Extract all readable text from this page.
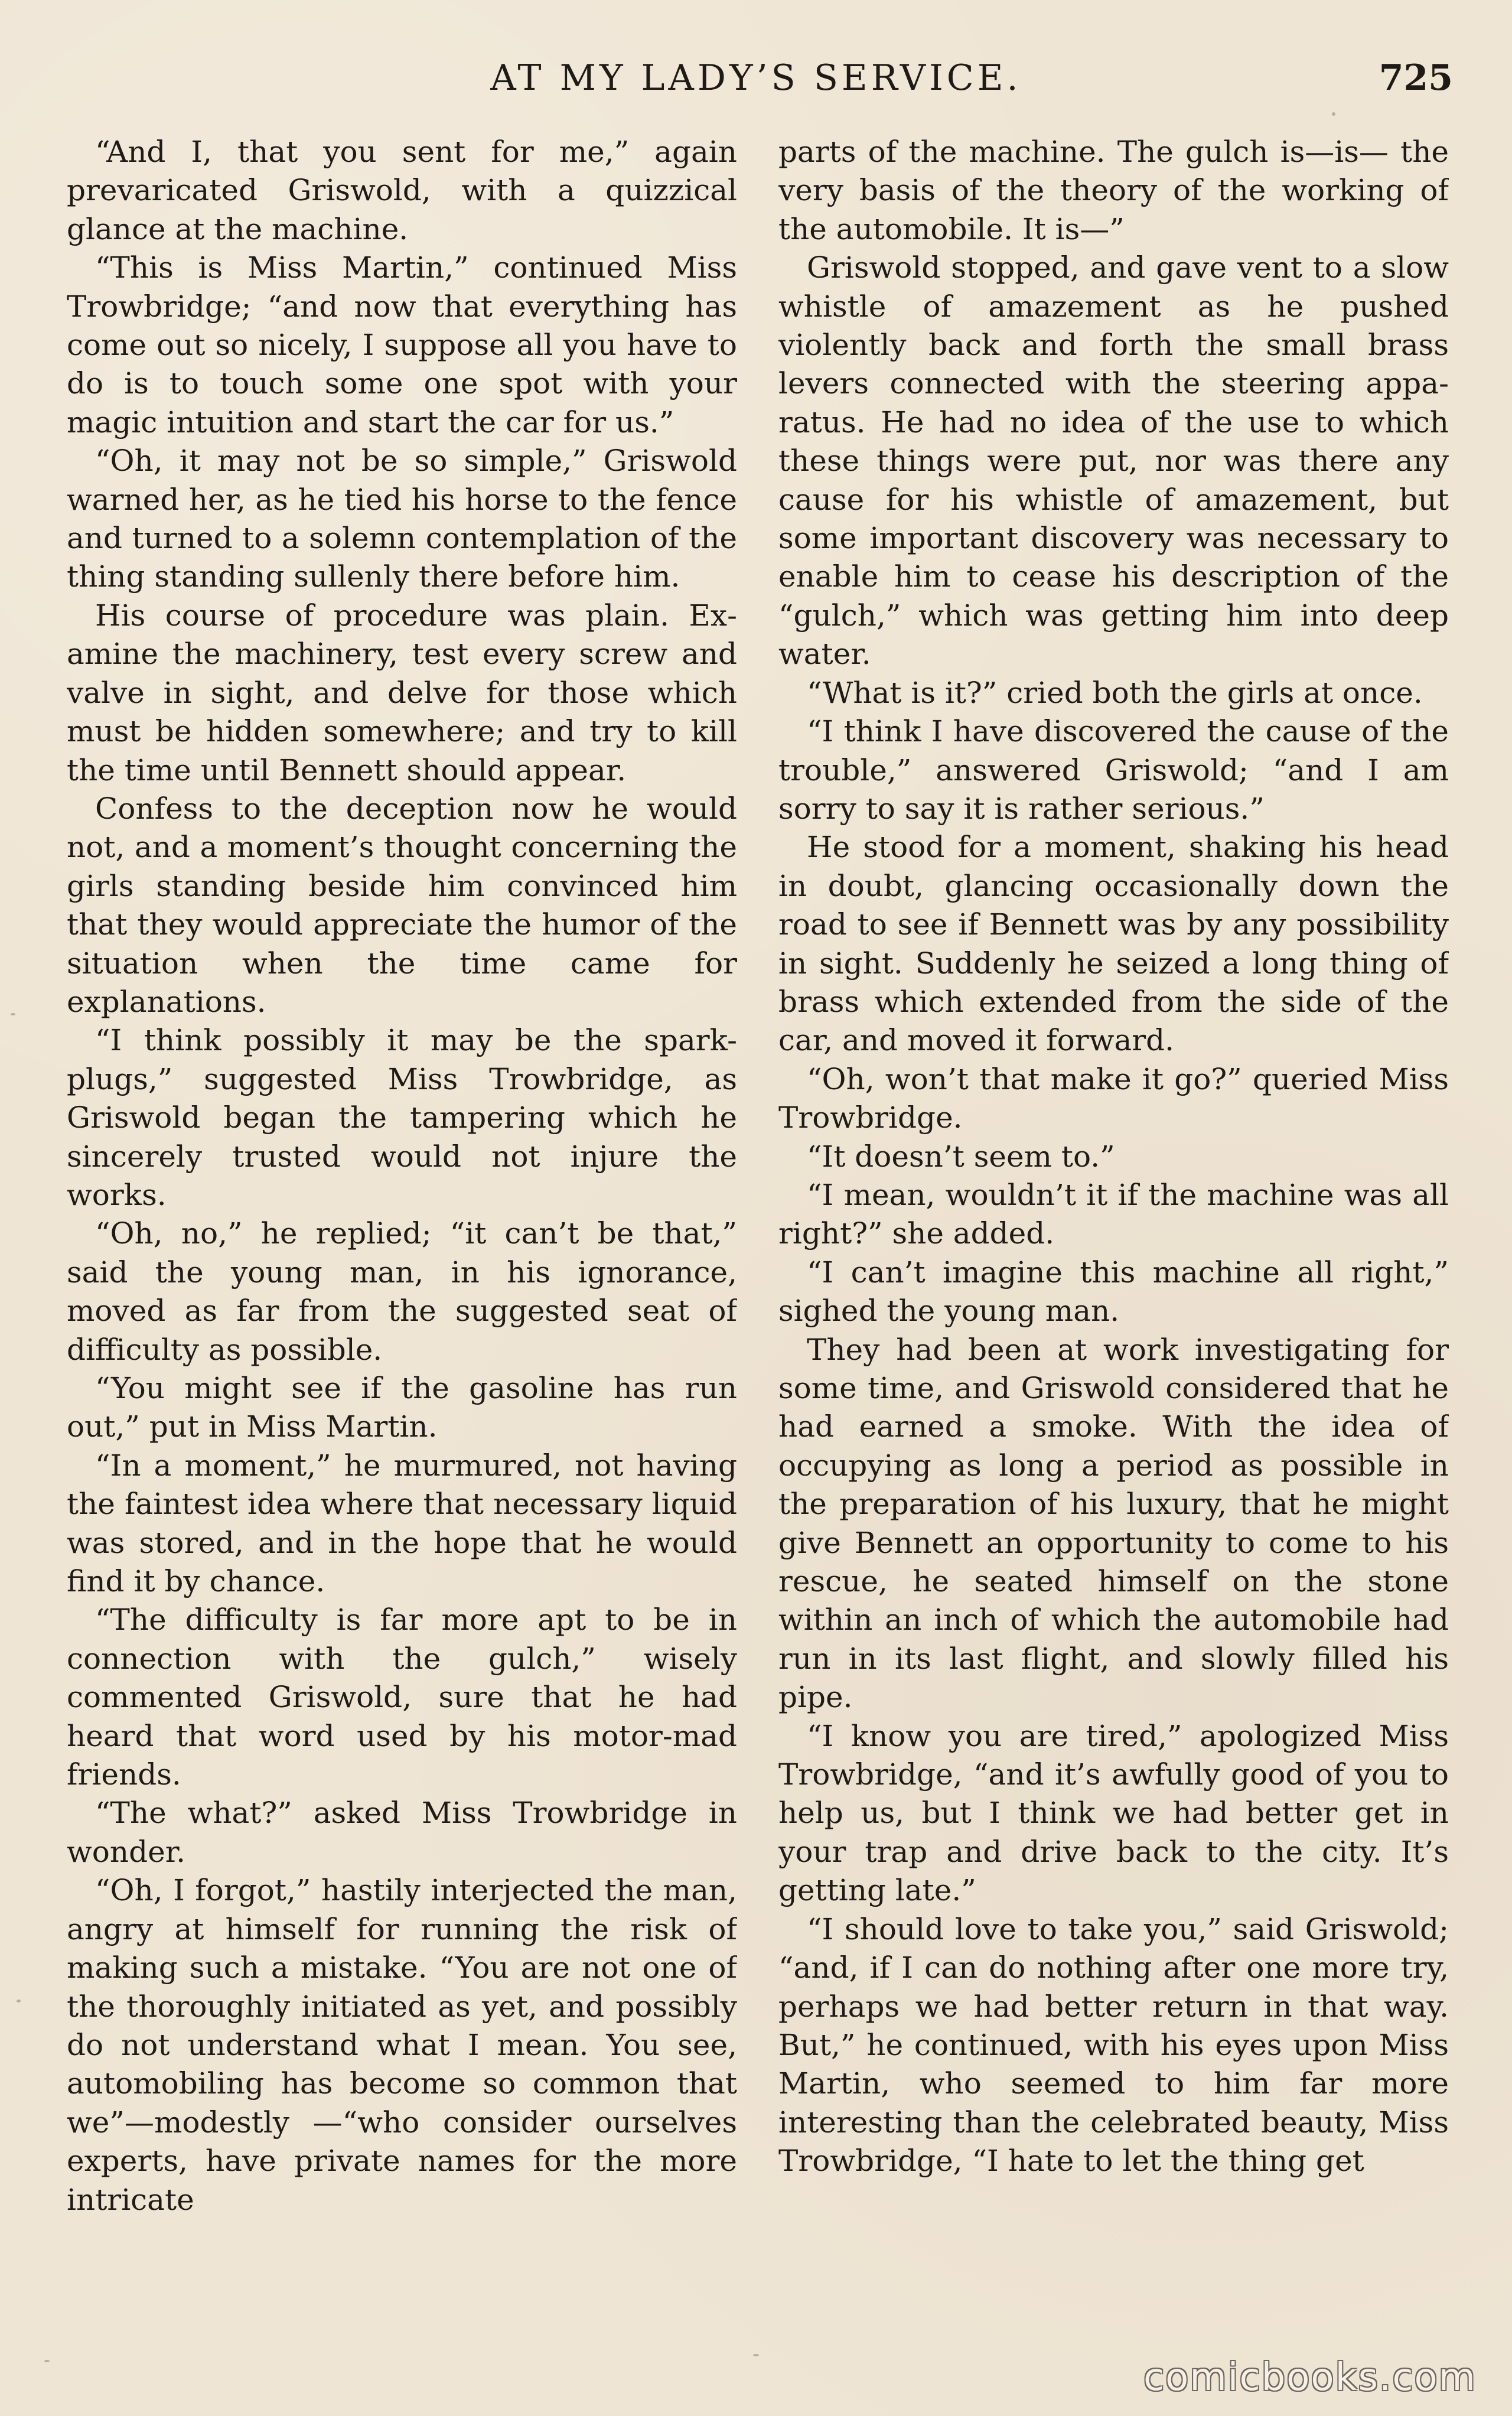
AT MY LADY’S SERVICE.	725

“And I, that you sent for me,” again prevaricated Griswold, with a quizzical glance at the machine.

“This is Miss Martin,” continued Miss Trowbridge; “and now that everything has come out so nicely, I suppose all you have to do is to touch some one spot with your magic intuition and start the car for us.”

“Oh, it may not be so simple,” Griswold warned her, as he tied his horse to the fence and turned to a solemn contemplation of the thing standing sullenly there before him.

His course of procedure was plain. Examine the machinery, test every screw and valve in sight, and delve for those which must be hidden somewhere; and try to kill the time until Bennett should appear.

Confess to the deception now he would not, and a moment’s thought concerning the girls standing beside him convinced him that they would appreciate the humor of the situation when the time came for explanations.

“I think possibly it may be the spark-plugs,” suggested Miss Trowbridge, as Griswold began the tampering which he sincerely trusted would not injure the works.

“Oh, no,” he replied; “it can’t be that,” said the young man, in his ignorance, moved as far from the suggested seat of difficulty as possible.

“You might see if the gasoline has run out,” put in Miss Martin.

“In a moment,” he murmured, not having the faintest idea where that necessary liquid was stored, and in the hope that he would find it by chance.

“The difficulty is far more apt to be in connection with the gulch,” wisely commented Griswold, sure that he had heard that word used by his motor-mad friends.

“The what?” asked Miss Trowbridge in wonder.

“Oh, I forgot,” hastily interjected the man, angry at himself for running the risk of making such a mistake. “You are not one of the thoroughly initiated as yet, and possibly do not understand what I mean. You see, automobiling has become so common that we”—modestly —“who consider ourselves experts, have private names for the more intricate

parts of the machine. The gulch is—is— the very basis of the theory of the working of the automobile. It is—”

Griswold stopped, and gave vent to a slow whistle of amazement as he pushed violently back and forth the small brass levers connected with the steering apparatus. He had no idea of the use to which these things were put, nor was there any cause for his whistle of amazement, but some important discovery was necessary to enable him to cease his description of the “gulch,” which was getting him into deep water.

“What is it?” cried both the girls at once.

“I think I have discovered the cause of the trouble,” answered Griswold; “and I am sorry to say it is rather serious.”

He stood for a moment, shaking his head in doubt, glancing occasionally down the road to see if Bennett was by any possibility in sight. Suddenly he seized a long thing of brass which extended from the side of the car, and moved it forward.

“Oh, won’t that make it go?” queried Miss Trowbridge.

“It doesn’t seem to.”

“I mean, wouldn’t it if the machine was all right?” she added.

“I can’t imagine this machine all right,” sighed the young man.

They had been at work investigating for some time, and Griswold considered that he had earned a smoke. With the idea of occupying as long a period as possible in the preparation of his luxury, that he might give Bennett an opportunity to come to his rescue, he seated himself on the stone within an inch of which the automobile had run in its last flight, and slowly filled his pipe.

“I know you are tired,” apologized Miss Trowbridge, “and it’s awfully good of you to help us, but I think we had better get in your trap and drive back to the city. It’s getting late.”

“I should love to take you,” said Griswold; “and, if I can do nothing after one more try, perhaps we had better return in that way. But,” he continued, with his eyes upon Miss Martin, who seemed to him far more interesting than the celebrated beauty, Miss Trowbridge, “I hate to let the thing get

comicbooks.com
